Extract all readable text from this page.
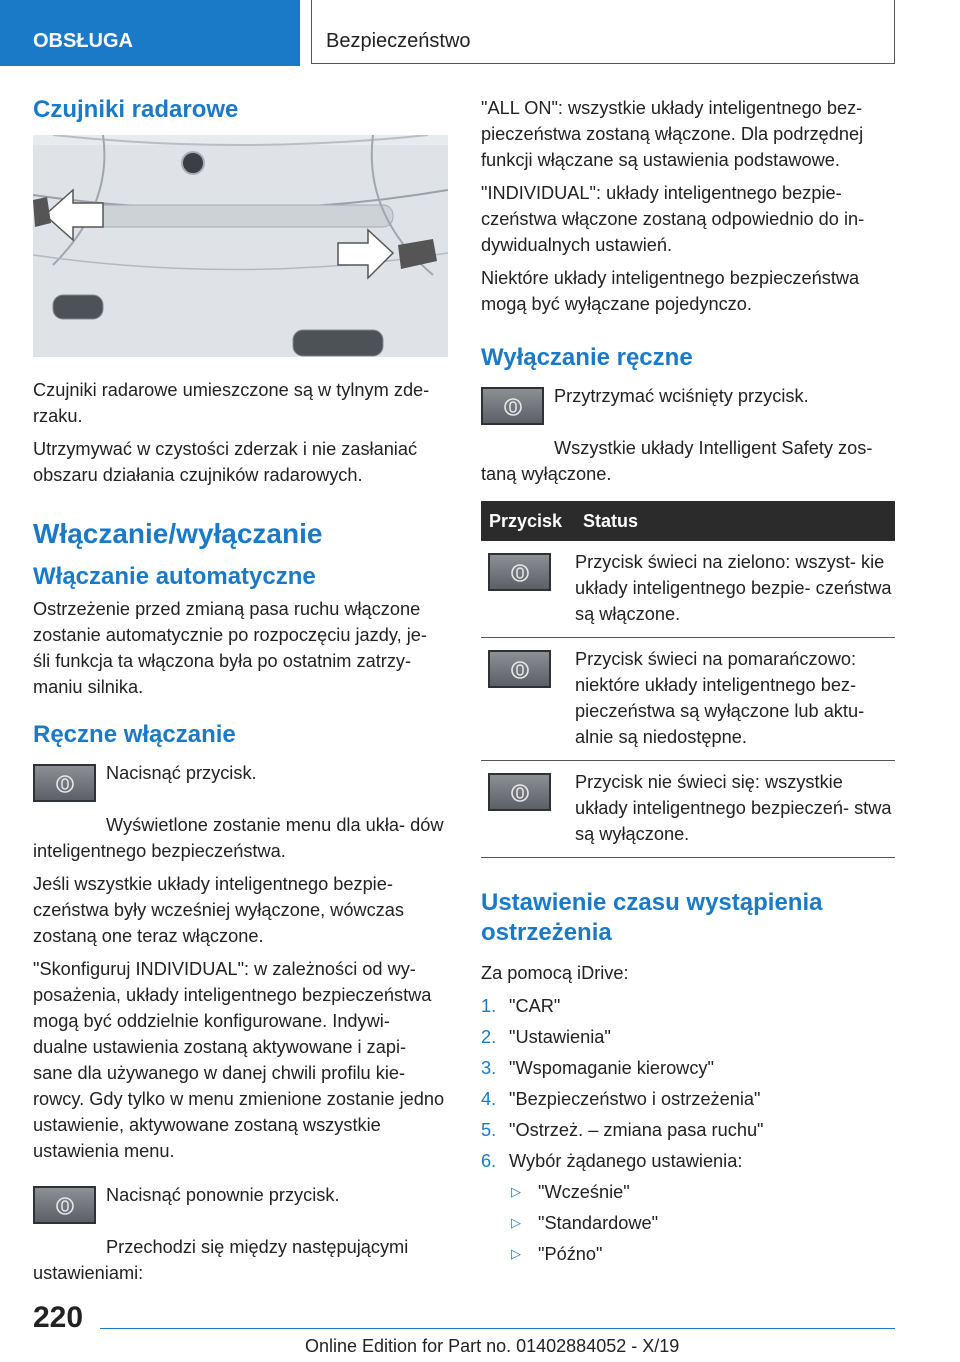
OBSŁUGA	Bezpieczeństwo
Czujniki radarowe

Czujniki radarowe umieszczone są w tylnym zde- rzaku.

Utrzymywać w czystości zderzak i nie zasłaniać obszaru działania czujników radarowych.

Włączanie/wyłączanie
Włączanie automatyczne

Ostrzeżenie przed zmianą pasa ruchu włączone zostanie automatycznie po rozpoczęciu jazdy, je- śli funkcja ta włączona była po ostatnim zatrzy- maniu silnika.

Ręczne włączanie

Nacisnąć przycisk.

Wyświetlone zostanie menu dla ukła- dów inteligentnego bezpieczeństwa.

Jeśli wszystkie układy inteligentnego bezpie- czeństwa były wcześniej wyłączone, wówczas zostaną one teraz włączone.

"Skonfiguruj INDIVIDUAL": w zależności od wy- posażenia, układy inteligentnego bezpieczeństwa mogą być oddzielnie konfigurowane. Indywi- dualne ustawienia zostaną aktywowane i zapi- sane dla używanego w danej chwili profilu kie- rowcy. Gdy tylko w menu zmienione zostanie jedno ustawienie, aktywowane zostaną wszystkie ustawienia menu.

Nacisnąć ponownie przycisk.

Przechodzi się między następującymi ustawieniami:

"ALL ON": wszystkie układy inteligentnego bez- pieczeństwa zostaną włączone. Dla podrzędnej funkcji włączane są ustawienia podstawowe.

"INDIVIDUAL": układy inteligentnego bezpie- czeństwa włączone zostaną odpowiednio do in- dywidualnych ustawień.

Niektóre układy inteligentnego bezpieczeństwa mogą być wyłączane pojedynczo.

Wyłączanie ręczne

Przytrzymać wciśnięty przycisk.

Wszystkie układy Intelligent Safety zos- taną wyłączone.

Przycisk	Status

	Przycisk świeci na zielono: wszyst- kie układy inteligentnego bezpie- czeństwa są włączone.

	Przycisk świeci na pomarańczowo: niektóre układy inteligentnego bez- pieczeństwa są wyłączone lub aktu- alnie są niedostępne.

	Przycisk nie świeci się: wszystkie układy inteligentnego bezpieczeń- stwa są wyłączone.
Ustawienie czasu wystąpienia ostrzeżenia

Za pomocą iDrive:

1. "CAR"
2. "Ustawienia"
3. "Wspomaganie kierowcy"
4. "Bezpieczeństwo i ostrzeżenia"
5. "Ostrzeż. – zmiana pasa ruchu"
6. Wybór żądanego ustawienia:
▷ "Wcześnie"
▷ "Standardowe"
▷ "Późno"
220
Online Edition for Part no. 01402884052 - X/19
